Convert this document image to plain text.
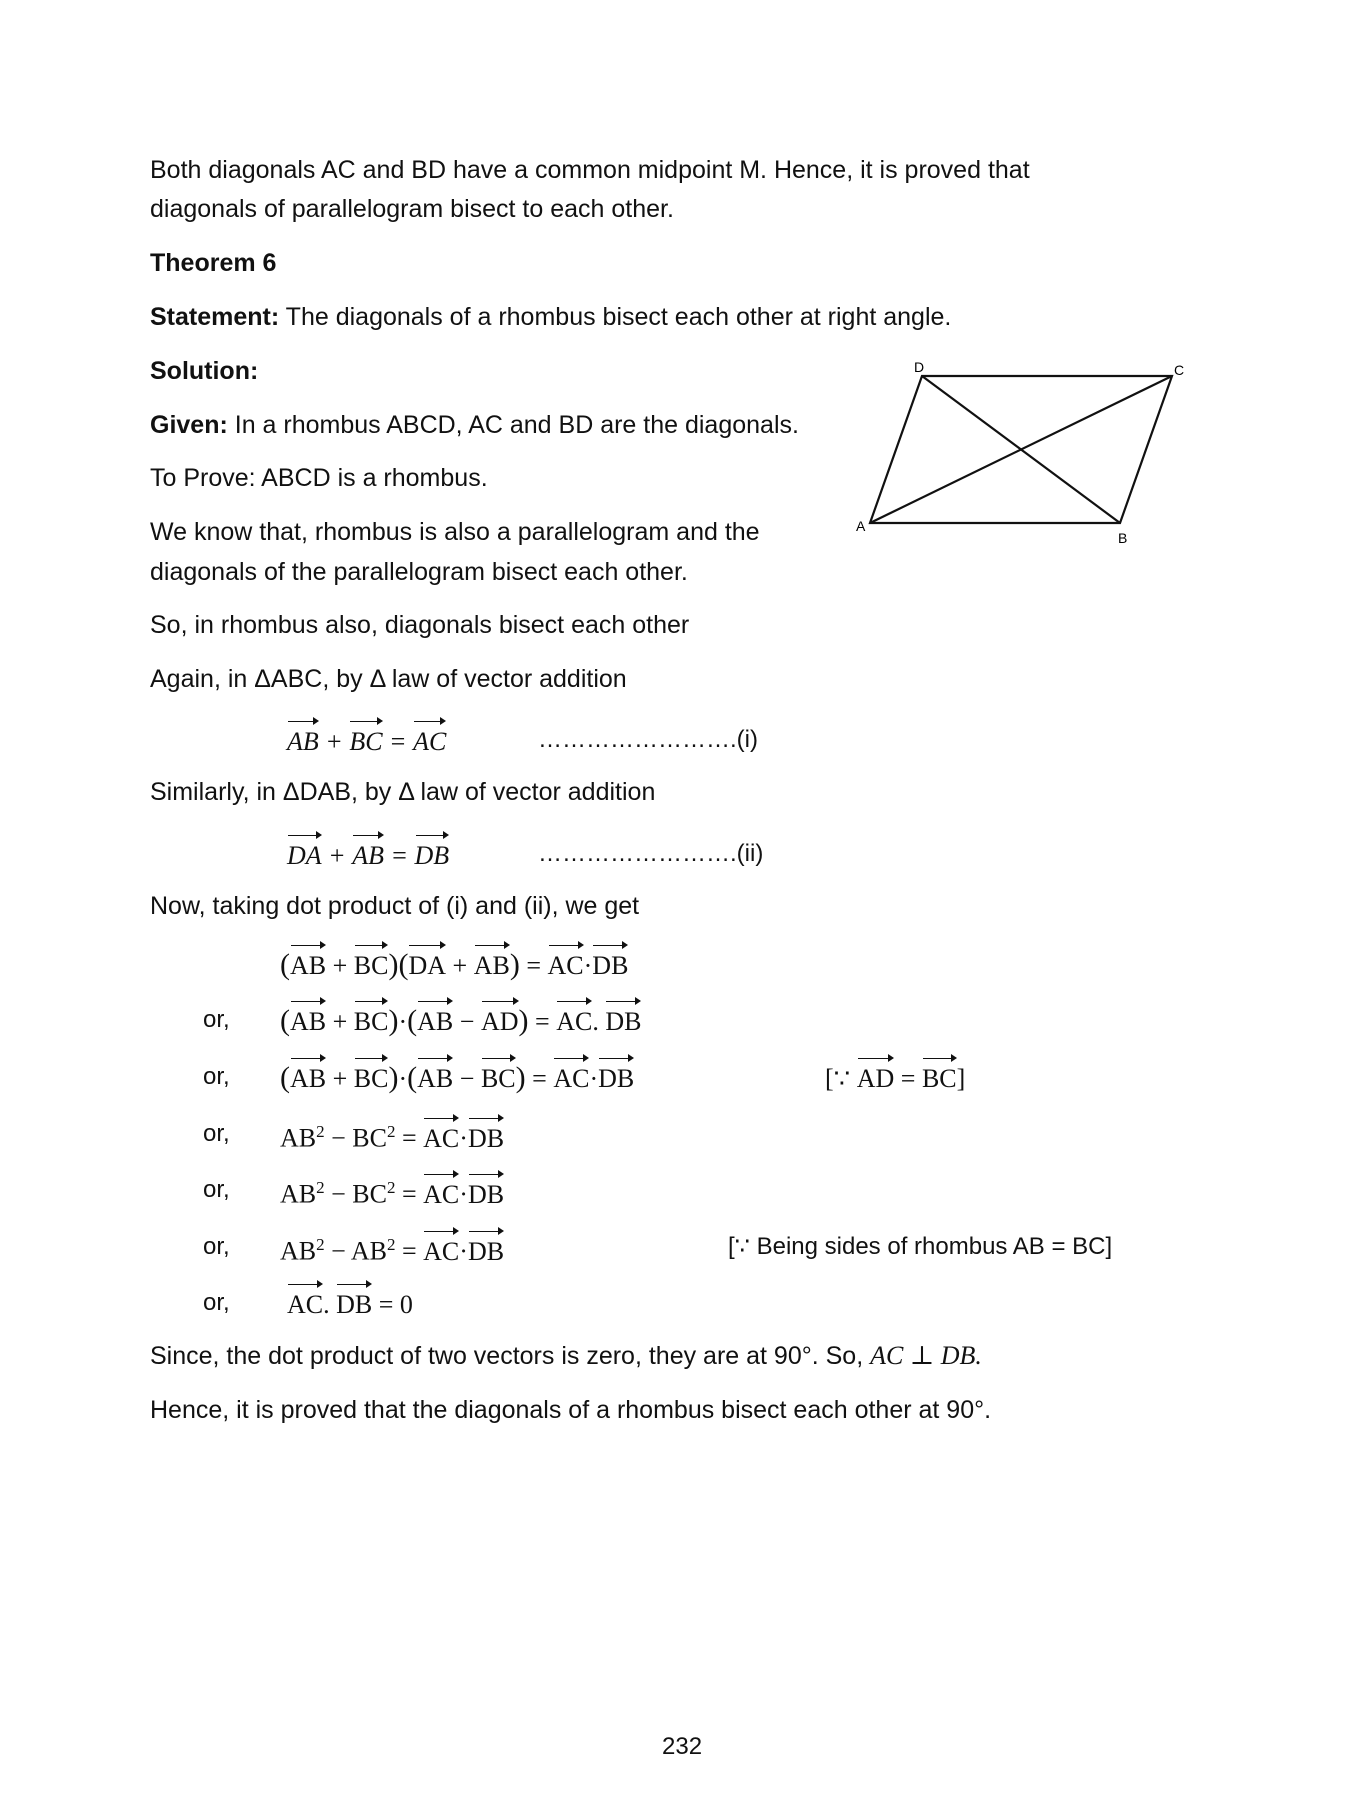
Both diagonals AC and BD have a common midpoint M. Hence, it is proved that
diagonals of parallelogram bisect to each other.
Theorem 6
Statement: The diagonals of a rhombus bisect each other at right angle.
Solution:
Given: In a rhombus ABCD, AC and BD are the diagonals.
To Prove: ABCD is a rhombus.
We know that, rhombus is also a parallelogram and the
diagonals of the parallelogram bisect each other.
So, in rhombus also, diagonals bisect each other
Again, in ΔABC, by Δ law of vector addition
D	C
A
B
AB + BC = AC	…………………….(i)
Similarly, in ΔDAB, by Δ law of vector addition
DA + AB = DB	…………………….(ii)
Now, taking dot product of (i) and (ii), we get
(AB + BC)(DA + AB) = AC·DB
or, (AB + BC)·(AB − AD) = AC. DB
or, (AB + BC)·(AB − BC) = AC·DB	[∵ AD = BC]
or, $AB^2 - BC^2 = AC\cdot DB$
or, $AB^2 - BC^2 = AC\cdot DB$
or, $AB^2 - AB^2 = AC\cdot DB$	[∵ Being sides of rhombus AB = BC]
or, AC. DB = 0
Since, the dot product of two vectors is zero, they are at 90°. So, AC ⊥ DB.
Hence, it is proved that the diagonals of a rhombus bisect each other at 90°.
232
